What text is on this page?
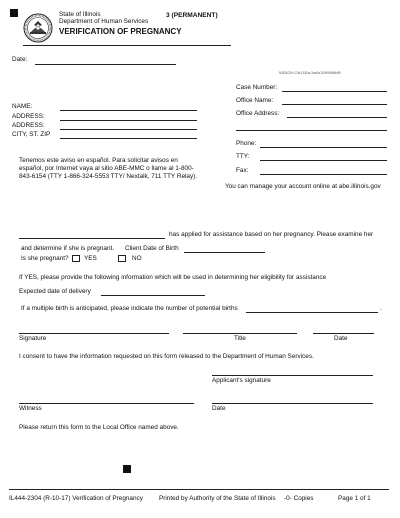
State of Illinois
Department of Human Services
3 (PERMANENT)
VERIFICATION OF PREGNANCY
Date:
N3E6G2H-C3c3 ll11ia-3va0a-D0N9M6Mdf9
Case Number:
Office Name:
Office Address:
Phone:
TTY:
Fax:
You can manage your account online at abe.illinois.gov
NAME:
ADDRESS:
ADDRESS:
CITY, ST. ZIP
Tenemos este aviso en español. Para solicitar avisos en español, por Internet vaya al sitio ABE-MMC o llame al 1-800-843-6154 (TTY 1-866-324-5553 TTY/ Nextalk, 711 TTY Relay).
has applied for assistance based on her pregnancy. Please examine her
and determine if she is pregnant. Client Date of Birth
Is she pregnant? YES	NO
If YES, please provide the following information which will be used in determining her eligibility for assistance
Expected date of delivery
If a multiple birth is anticipated, please indicate the number of potential births	.
Signature	Title	Date
I consent to have the information requested on this form released to the Department of Human Services.
Applicant's signature
Witness	Date
Please return this form to the Local Office named above.
IL444-2304 (R-10-17) Verification of Pregnancy	Printed by Authority of the State of Illinois -0- Copies	Page 1 of 1
